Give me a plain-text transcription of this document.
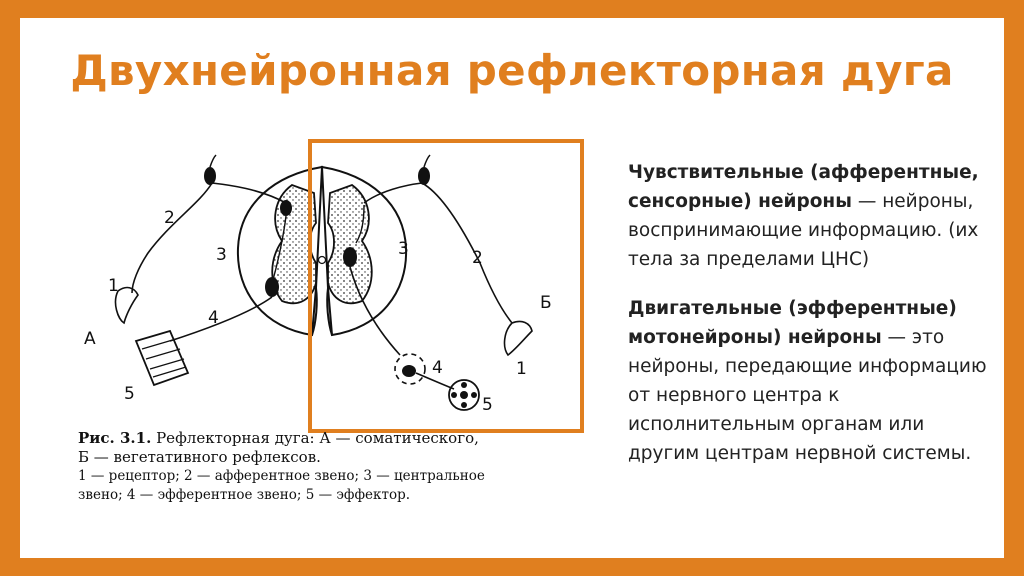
Двухнейронная рефлекторная дуга
2
3
1
4
А
5
3	2
Б
4	1
5
Рис. 3.1. Рефлекторная дуга: А — соматического,
Б — вегетативного рефлексов.
1 — рецептор; 2 — афферентное звено; 3 — центральное
звено; 4 — эфферентное звено; 5 — эффектор.

Чувствительные (афферентные, сенсорные) нейроны — нейроны, воспринимающие информацию. (их тела за пределами ЦНС)

Двигательные (эфферентные) мотонейроны) нейроны — это нейроны, передающие информацию от нервного центра к исполнительным органам или другим центрам нервной системы.
